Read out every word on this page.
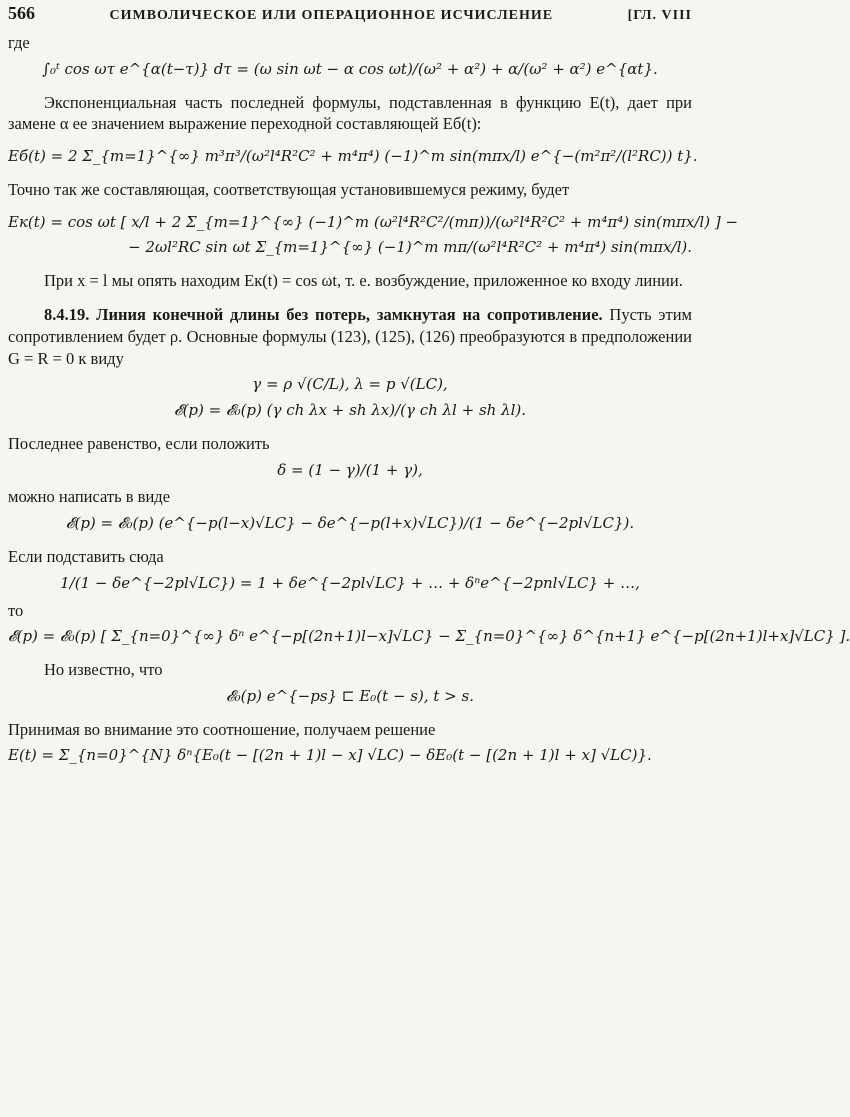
566	СИМВОЛИЧЕСКОЕ ИЛИ ОПЕРАЦИОННОЕ ИСЧИСЛЕНИЕ	[ГЛ. VIII

где

∫₀ᵗ cos ωτ e^{α(t−τ)} dτ = (ω sin ωt − α cos ωt)/(ω² + α²) + α/(ω² + α²) e^{αt}.

Экспоненциальная часть последней формулы, подставленная в функцию E(t), дает при замене α ее значением выражение переходной составляющей Eб(t):

Eб(t) = 2 Σ_{m=1}^{∞} m³π³/(ω²l⁴R²C² + m⁴π⁴) (−1)^m sin(mπx/l) e^{−(m²π²/(l²RC)) t}.

Точно так же составляющая, соответствующая установившемуся режиму, будет

Eк(t) = cos ωt [ x/l + 2 Σ_{m=1}^{∞} (−1)^m (ω²l⁴R²C²/(mπ))/(ω²l⁴R²C² + m⁴π⁴) sin(mπx/l) ] −

− 2ωl²RC sin ωt Σ_{m=1}^{∞} (−1)^m mπ/(ω²l⁴R²C² + m⁴π⁴) sin(mπx/l).

При x = l мы опять находим Eк(t) = cos ωt, т. е. возбуждение, приложенное ко входу линии.

8.4.19. Линия конечной длины без потерь, замкнутая на сопротивление. Пусть этим сопротивлением будет ρ. Основные формулы (123), (125), (126) преобразуются в предположении G = R = 0 к виду

γ = ρ √(C/L), λ = p √(LC),

𝓔(p) = 𝓔₀(p) (γ ch λx + sh λx)/(γ ch λl + sh λl).

Последнее равенство, если положить

δ = (1 − γ)/(1 + γ),

можно написать в виде

𝓔(p) = 𝓔₀(p) (e^{−p(l−x)√LC} − δe^{−p(l+x)√LC})/(1 − δe^{−2pl√LC}).

Если подставить сюда

1/(1 − δe^{−2pl√LC}) = 1 + δe^{−2pl√LC} + … + δⁿe^{−2pnl√LC} + …,

то

𝓔(p) = 𝓔₀(p) [ Σ_{n=0}^{∞} δⁿ e^{−p[(2n+1)l−x]√LC} − Σ_{n=0}^{∞} δ^{n+1} e^{−p[(2n+1)l+x]√LC} ].

Но известно, что

𝓔₀(p) e^{−ps} ⊏ E₀(t − s), t > s.

Принимая во внимание это соотношение, получаем решение

E(t) = Σ_{n=0}^{N} δⁿ{E₀(t − [(2n + 1)l − x] √LC) − δE₀(t − [(2n + 1)l + x] √LC)}.
